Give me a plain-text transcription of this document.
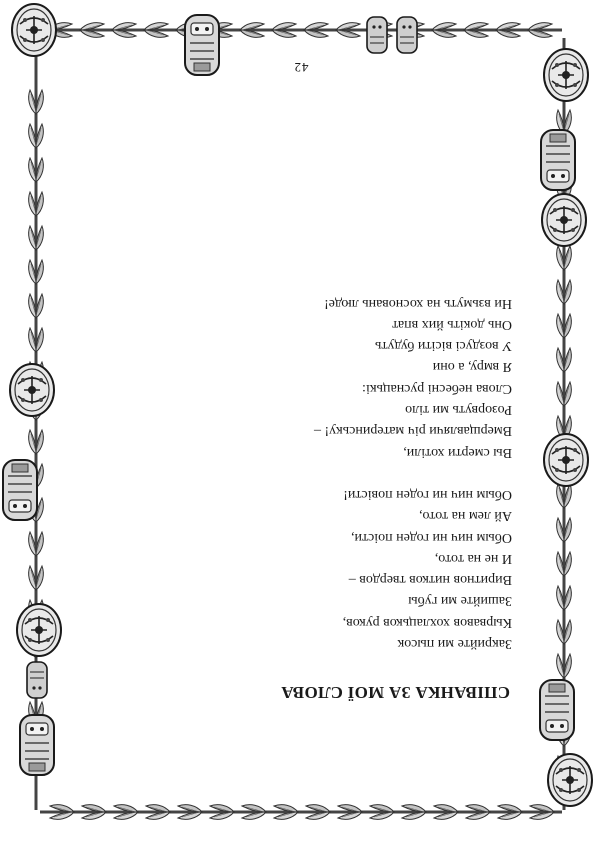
42
СПІВАНКА ЗА МОЇ СЛОВА
Закрийте ми пысок
Кырвавов хохлацьков руков,
Зашийте ми губы
Виритнов нитков твердов –
И не на тото,
Обым нич ни годен поісти,
Ай лем на тото,
Обым нич ни годен повісти!
Вы смерти хотіли,
Вмерщавлячи річ материнську! –
Розорвуть ми тіло
Слова небесні руснацькі:
Я вмру, а они
У воздусі вісіти будуть
Онь докіть йих впат
Ни взьмуть на хосновань люде!
